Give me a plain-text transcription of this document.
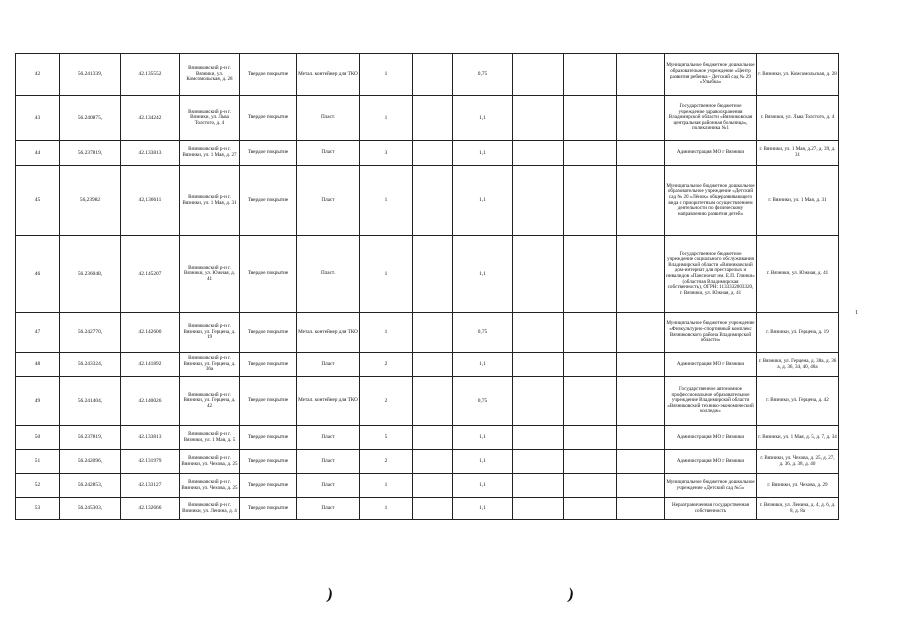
42	56.241339,	42.135552	Вязниковский р-н г. Вязники, ул. Комсомольская, д. 28	Твердое покрытие	Метал. контейнер для ТКО	1		0,75				Муниципальное бюджетное дошкольное образовательное учреждение «Центр развития ребенка - Детский сад № 29 «Улыбка»	г. Вязники, ул. Комсомольская, д. 28
43	56.240875,	42.134242	Вязниковский р-н г. Вязники, ул. Льва Толстого, д. 4	Твердое покрытие	Пласт.	1		1,1				Государственное бюджетное учреждение здравоохранения Владимирской области «Вязниковская центральная районная больница», поликлиника №1	г. Вязники, ул. Льва Толстого, д. 4
44	56.237819,	42.133813	Вязниковский р-н г. Вязники, ул. 1 Мая, д. 27	Твердое покрытие	Пласт	3		1,1				Администрация МО г Вязники	г. Вязники, ул. 1 Мая, д.27, д. 39, д. 31
45	56,23982	42,130611	Вязниковский р-н г. Вязники, ул. 1 Мая, д. 31	Твердое покрытие	Пласт	1		1,1				Муниципальное бюджетное дошкольное образовательное учреждение «Детский сад № 20 «Лёнок» общеразвивающего вида с приоритетным осуществлением деятельности по физическому направлению развития детей»	г. Вязники, ул. 1 Мая, д. 31
46	56.236048,	42.145207	Вязниковский р-н г. Вязники, ул. Южная, д. 41	Твердое покрытие	Пласт.	1		1,1				Государственное бюджетное учреждение социального обслуживания Владимирской области «Вязниковский дом-интернат для престарелых и инвалидов «Пансионат им. Е.П. Глинки» (областная Владимирская собственность), ОГРН: 1133332003320, г. Вязники, ул. Южная, д. 41	г. Вязники, ул. Южная, д. 41
47	56.242770,	42.142600	Вязниковский р-н г. Вязники, ул. Герцена, д. 19	Твердое покрытие	Метал. контейнер для ТКО	1		0,75				Муниципальное бюджетное учреждение «Физкультурно-спортивный комплекс Вязниковского района Владимирской области»	г. Вязники, ул. Герцена, д. 19
48	56.243324,	42.141892	Вязниковский р-н г. Вязники, ул. Герцена, д. 36а	Твердое покрытие	Пласт	2		1,1				Администрация МО г Вязники	г. Вязники, ул. Герцена, д. 38а, д. 36 а, д. 36, 34, 40, 40а
49	56.241404,	42.140026	Вязниковский р-н г. Вязники, ул. Герцена, д. 42	Твердое покрытие	Метал. контейнер для ТКО	2		0,75				Государственное автономное профессиональное образовательное учреждение Владимирской области «Вязниковский технико-экономический колледж»	г. Вязники, ул. Герцена, д. 42
50	56.237819,	42.133813	Вязниковский р-н г. Вязники, ул. 1 Мая, д. 5	Твердое покрытие	Пласт	5		1,1				Администрация МО г Вязники	г. Вязники, ул. 1 Мая, д. 5, д. 7, д. 34
51	56.242096,	42.131979	Вязниковский р-н г. Вязники, ул. Чехова, д. 25	Твердое покрытие	Пласт	2		1,1				Администрация МО г Вязники	г. Вязники, ул. Чехова, д. 25, д. 27, д. 36, д. 38, д. 40
52	56.242853,	42.133127	Вязниковский р-н г. Вязники, ул. Чехова, д. 25	Твердое покрытие	Пласт	1		1,1				Муниципальное бюджетное дошкольное учреждение «Детский сад №5»	г. Вязники, ул. Чехова, д. 29
53	56.245303,	42.132666	Вязниковский р-н г. Вязники, ул. Ленина, д. 4	Твердое покрытие	Пласт	1		1,1				Неразграниченная государственная собственность	г. Вязники, ул. Ленина, д. 4, д. 6, д. 8, д. 8а
1
)	)
